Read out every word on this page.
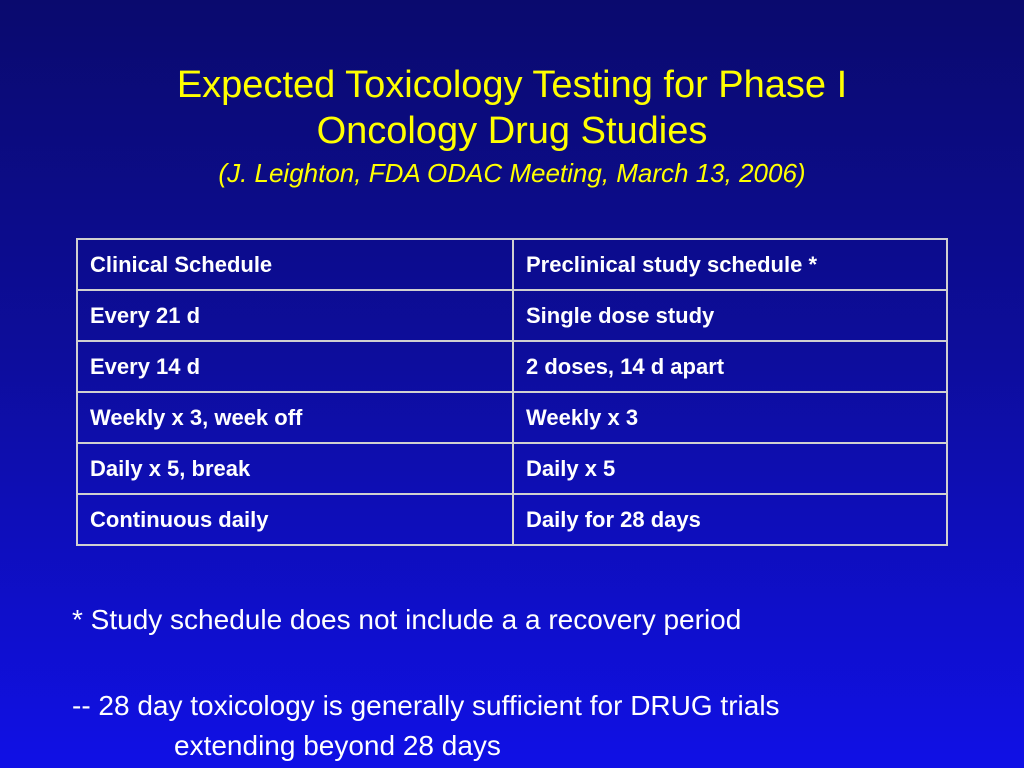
Expected Toxicology Testing for Phase I
Oncology Drug Studies
(J. Leighton, FDA ODAC Meeting, March 13, 2006)
Clinical Schedule	Preclinical study schedule *
Every 21 d	Single dose study
Every 14 d	2 doses, 14 d apart
Weekly x 3, week off	Weekly x 3
Daily x 5, break	Daily x 5
Continuous daily	Daily for 28 days
* Study schedule does not include a a recovery period
-- 28 day toxicology is generally sufficient for DRUG trials
extending beyond 28 days
